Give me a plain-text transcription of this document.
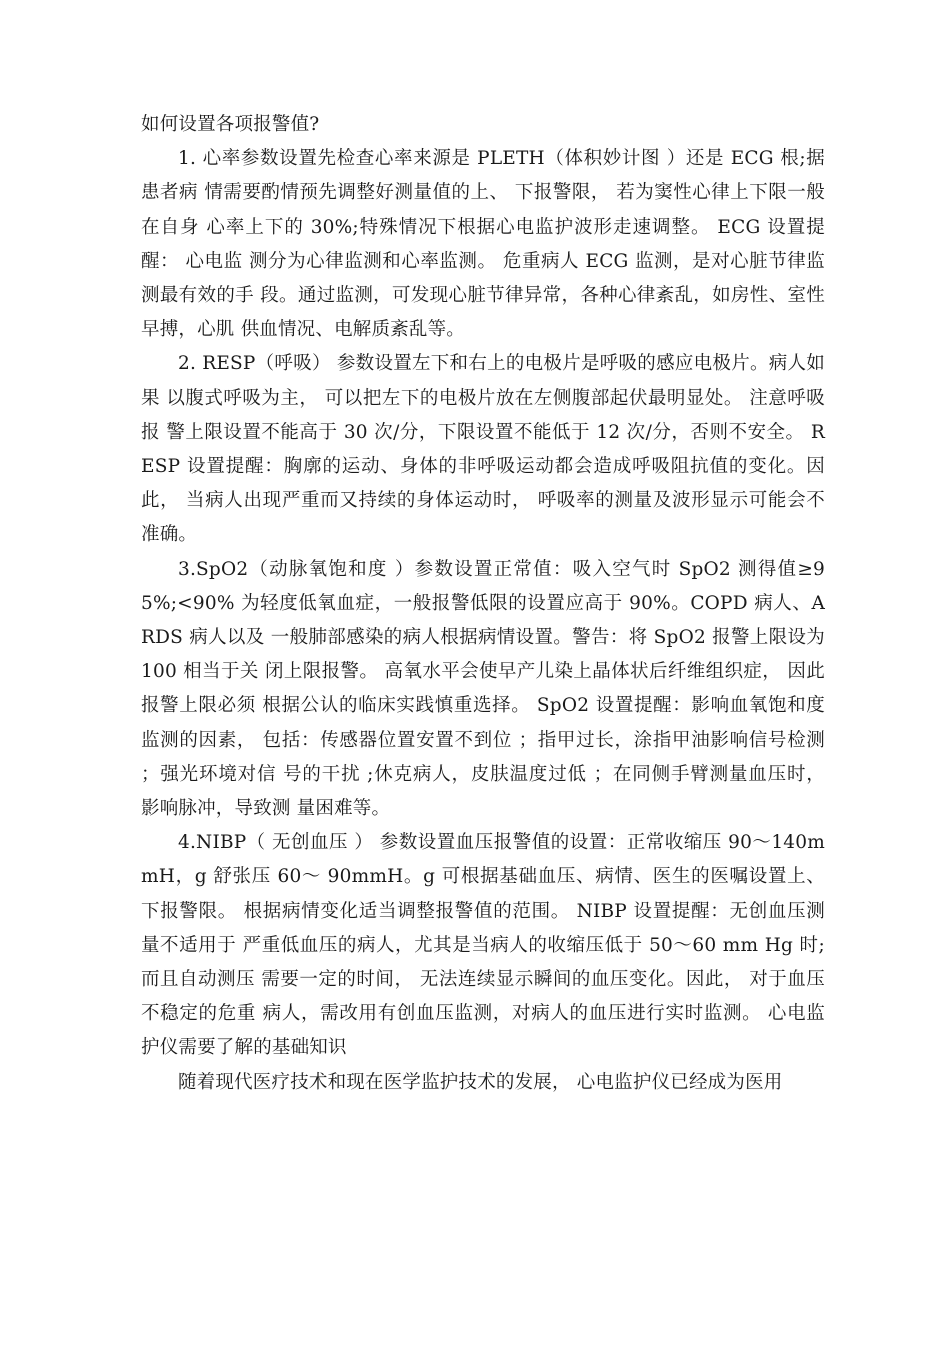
如何设置各项报警值?

1. 心率参数设置先检查心率来源是 PLETH（体积妙计图 ）还是 ECG 根;据患者病 情需要酌情预先调整好测量值的上、 下报警限， 若为窦性心律上下限一般在自身 心率上下的 30%;特殊情况下根据心电监护波形走速调整。 ECG 设置提醒： 心电监 测分为心律监测和心率监测。 危重病人 ECG 监测，是对心脏节律监测最有效的手 段。通过监测，可发现心脏节律异常，各种心律紊乱，如房性、室性早搏，心肌 供血情况、电解质紊乱等。

2. RESP（呼吸） 参数设置左下和右上的电极片是呼吸的感应电极片。病人如果 以腹式呼吸为主， 可以把左下的电极片放在左侧腹部起伏最明显处。 注意呼吸报 警上限设置不能高于 30 次/分，下限设置不能低于 12 次/分，否则不安全。 RESP 设置提醒：胸廓的运动、身体的非呼吸运动都会造成呼吸阻抗值的变化。因此， 当病人出现严重而又持续的身体运动时， 呼吸率的测量及波形显示可能会不准确。

3.SpO2（动脉氧饱和度 ）参数设置正常值：吸入空气时 SpO2 测得值≥95%;<90% 为轻度低氧血症，一般报警低限的设置应高于 90%。COPD 病人、ARDS 病人以及 一般肺部感染的病人根据病情设置。警告：将 SpO2 报警上限设为 100 相当于关 闭上限报警。 高氧水平会使早产儿染上晶体状后纤维组织症， 因此报警上限必须 根据公认的临床实践慎重选择。 SpO2 设置提醒：影响血氧饱和度监测的因素， 包括：传感器位置安置不到位 ；指甲过长，涂指甲油影响信号检测 ；强光环境对信 号的干扰 ;休克病人，皮肤温度过低 ；在同侧手臂测量血压时， 影响脉冲，导致测 量困难等。

4.NIBP（ 无创血压 ） 参数设置血压报警值的设置：正常收缩压 90～140mmH，g 舒张压 60～ 90mmH。g 可根据基础血压、病情、医生的医嘱设置上、下报警限。 根据病情变化适当调整报警值的范围。 NIBP 设置提醒：无创血压测量不适用于 严重低血压的病人，尤其是当病人的收缩压低于 50～60 mm Hg 时;而且自动测压 需要一定的时间， 无法连续显示瞬间的血压变化。因此， 对于血压不稳定的危重 病人，需改用有创血压监测，对病人的血压进行实时监测。 心电监护仪需要了解的基础知识

随着现代医疗技术和现在医学监护技术的发展， 心电监护仪已经成为医用
